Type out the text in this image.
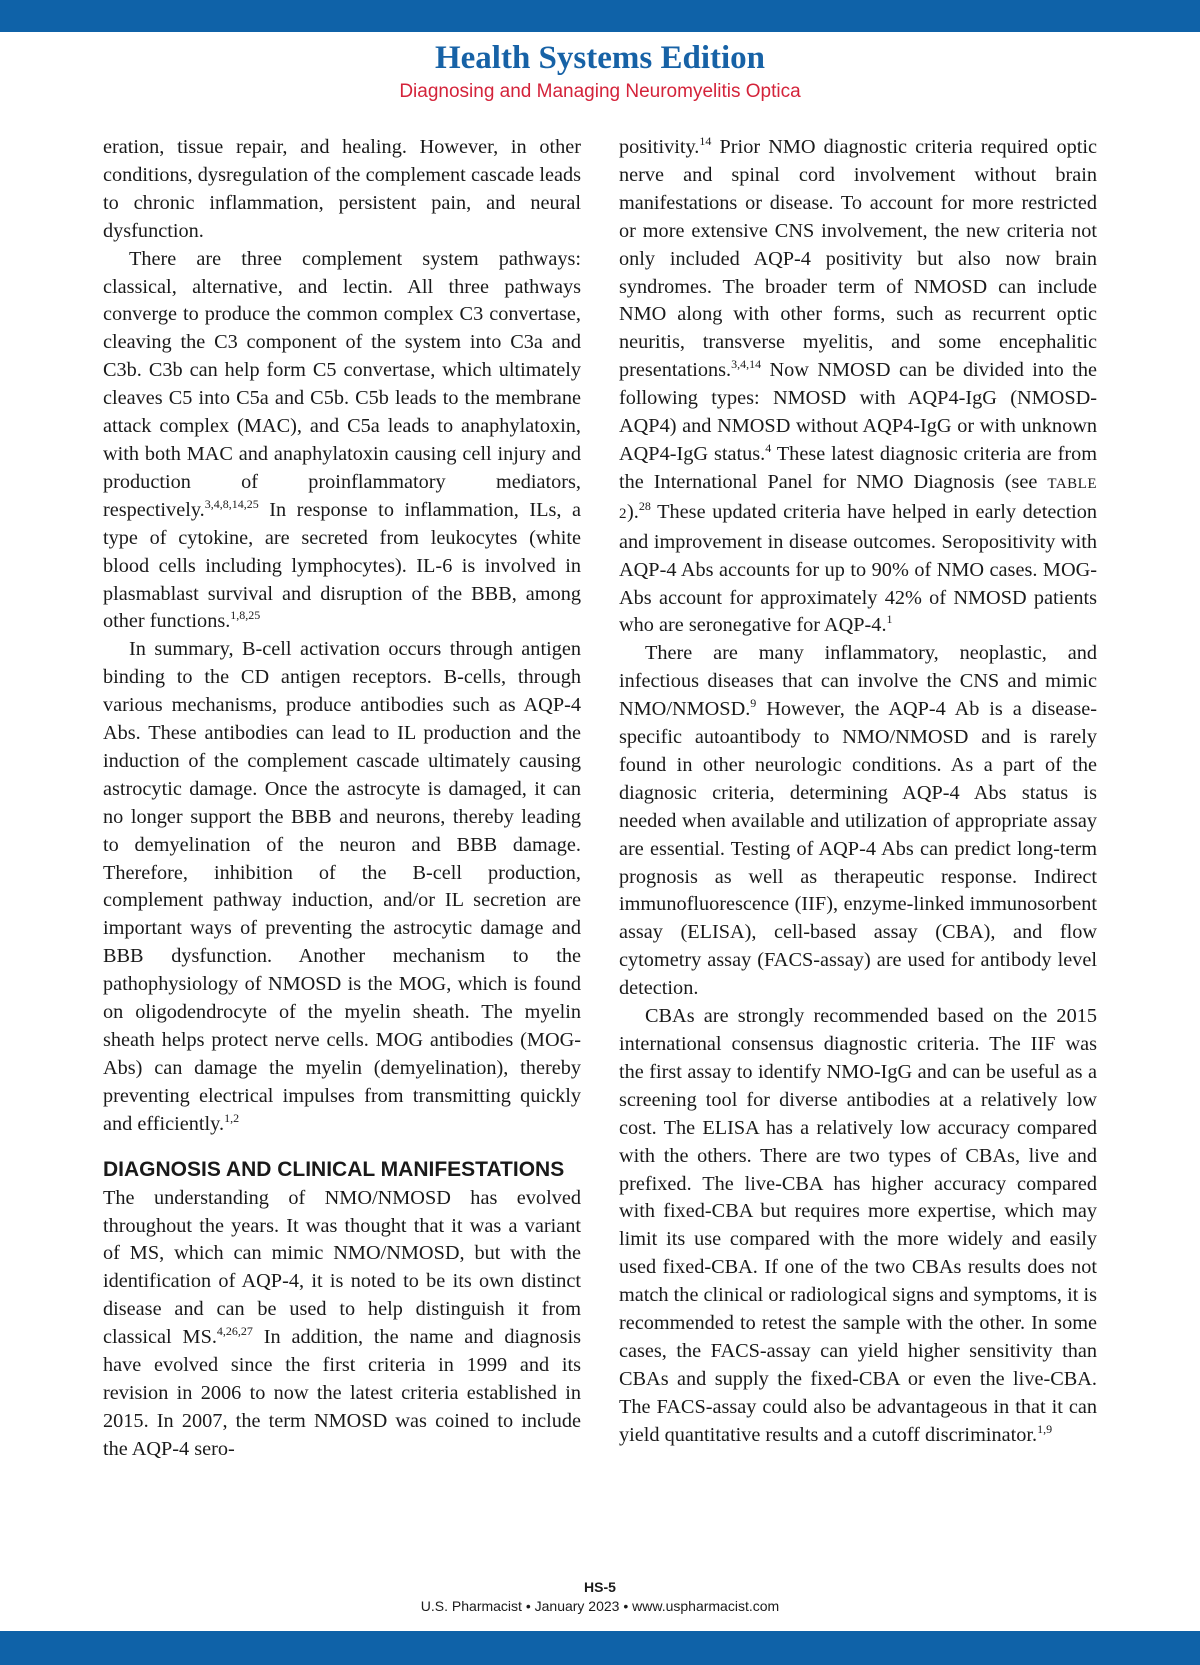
Health Systems Edition
Diagnosing and Managing Neuromyelitis Optica

eration, tissue repair, and healing. However, in other conditions, dysregulation of the complement cascade leads to chronic inflammation, persistent pain, and neural dysfunction.

There are three complement system pathways: classical, alternative, and lectin. All three pathways converge to produce the common complex C3 convertase, cleaving the C3 component of the system into C3a and C3b. C3b can help form C5 convertase, which ultimately cleaves C5 into C5a and C5b. C5b leads to the membrane attack complex (MAC), and C5a leads to anaphylatoxin, with both MAC and anaphylatoxin causing cell injury and production of proinflammatory mediators, respectively.$^{3,4,8,14,25}$ In response to inflammation, ILs, a type of cytokine, are secreted from leukocytes (white blood cells including lymphocytes). IL-6 is involved in plasmablast survival and disruption of the BBB, among other functions.$^{1,8,25}$

In summary, B-cell activation occurs through antigen binding to the CD antigen receptors. B-cells, through various mechanisms, produce antibodies such as AQP-4 Abs. These antibodies can lead to IL production and the induction of the complement cascade ultimately causing astrocytic damage. Once the astrocyte is damaged, it can no longer support the BBB and neurons, thereby leading to demyelination of the neuron and BBB damage. Therefore, inhibition of the B-cell production, complement pathway induction, and/or IL secretion are important ways of preventing the astrocytic damage and BBB dysfunction. Another mechanism to the pathophysiology of NMOSD is the MOG, which is found on oligodendrocyte of the myelin sheath. The myelin sheath helps protect nerve cells. MOG antibodies (MOG-Abs) can damage the myelin (demyelination), thereby preventing electrical impulses from transmitting quickly and efficiently.$^{1,2}$

DIAGNOSIS AND CLINICAL MANIFESTATIONS

The understanding of NMO/NMOSD has evolved throughout the years. It was thought that it was a variant of MS, which can mimic NMO/NMOSD, but with the identification of AQP-4, it is noted to be its own distinct disease and can be used to help distinguish it from classical MS.$^{4,26,27}$ In addition, the name and diagnosis have evolved since the first criteria in 1999 and its revision in 2006 to now the latest criteria established in 2015. In 2007, the term NMOSD was coined to include the AQP-4 sero-

positivity.$^{14}$ Prior NMO diagnostic criteria required optic nerve and spinal cord involvement without brain manifestations or disease. To account for more restricted or more extensive CNS involvement, the new criteria not only included AQP-4 positivity but also now brain syndromes. The broader term of NMOSD can include NMO along with other forms, such as recurrent optic neuritis, transverse myelitis, and some encephalitic presentations.$^{3,4,14}$ Now NMOSD can be divided into the following types: NMOSD with AQP4-IgG (NMOSD-AQP4) and NMOSD without AQP4-IgG or with unknown AQP4-IgG status.$^4$ These latest diagnosic criteria are from the International Panel for NMO Diagnosis (see TABLE 2).$^{28}$ These updated criteria have helped in early detection and improvement in disease outcomes. Seropositivity with AQP-4 Abs accounts for up to 90% of NMO cases. MOG-Abs account for approximately 42% of NMOSD patients who are seronegative for AQP-4.$^1$

There are many inflammatory, neoplastic, and infectious diseases that can involve the CNS and mimic NMO/NMOSD.$^9$ However, the AQP-4 Ab is a disease-specific autoantibody to NMO/NMOSD and is rarely found in other neurologic conditions. As a part of the diagnosic criteria, determining AQP-4 Abs status is needed when available and utilization of appropriate assay are essential. Testing of AQP-4 Abs can predict long-term prognosis as well as therapeutic response. Indirect immunofluorescence (IIF), enzyme-linked immunosorbent assay (ELISA), cell-based assay (CBA), and flow cytometry assay (FACS-assay) are used for antibody level detection.

CBAs are strongly recommended based on the 2015 international consensus diagnostic criteria. The IIF was the first assay to identify NMO-IgG and can be useful as a screening tool for diverse antibodies at a relatively low cost. The ELISA has a relatively low accuracy compared with the others. There are two types of CBAs, live and prefixed. The live-CBA has higher accuracy compared with fixed-CBA but requires more expertise, which may limit its use compared with the more widely and easily used fixed-CBA. If one of the two CBAs results does not match the clinical or radiological signs and symptoms, it is recommended to retest the sample with the other. In some cases, the FACS-assay can yield higher sensitivity than CBAs and supply the fixed-CBA or even the live-CBA. The FACS-assay could also be advantageous in that it can yield quantitative results and a cutoff discriminator.$^{1,9}$

HS-5
U.S. Pharmacist • January 2023 • www.uspharmacist.com
